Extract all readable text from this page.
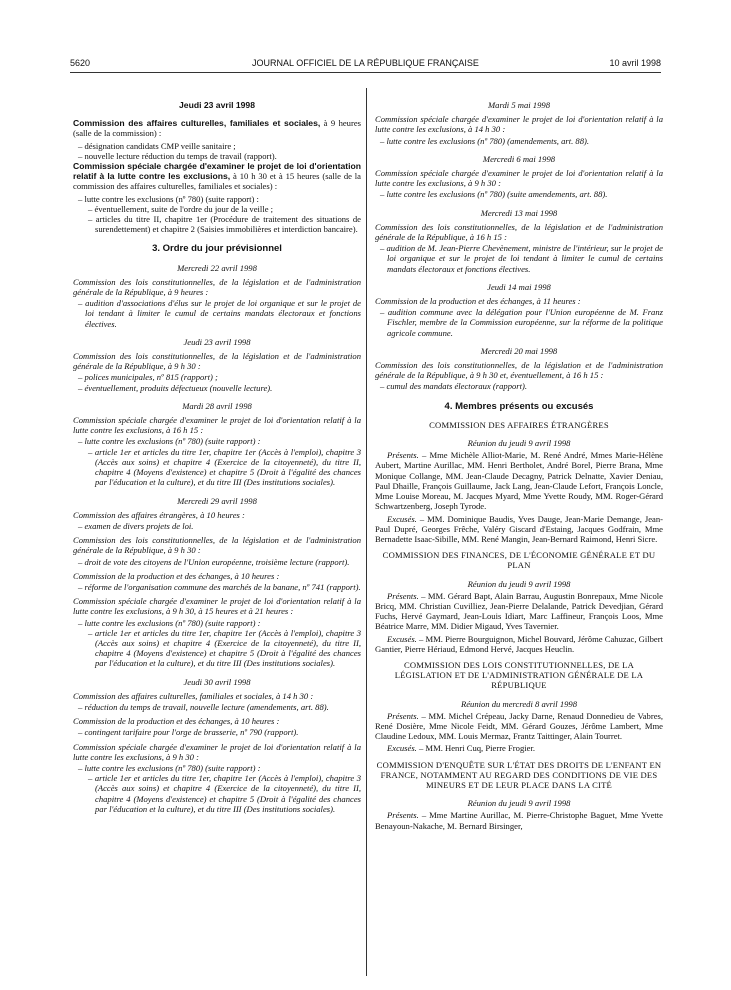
5620	JOURNAL OFFICIEL DE LA RÉPUBLIQUE FRANÇAISE	10 avril 1998
Jeudi 23 avril 1998

Commission des affaires culturelles, familiales et sociales, à 9 heures (salle de la commission) :

– désignation candidats CMP veille sanitaire ;

– nouvelle lecture réduction du temps de travail (rapport).

Commission spéciale chargée d'examiner le projet de loi d'orientation relatif à la lutte contre les exclusions, à 10 h 30 et à 15 heures (salle de la commission des affaires culturelles, familiales et sociales) :

– lutte contre les exclusions (nº 780) (suite rapport) :

– éventuellement, suite de l'ordre du jour de la veille ;

– articles du titre II, chapitre 1er (Procédure de traitement des situations de surendettement) et chapitre 2 (Saisies immobilières et interdiction bancaire).

3. Ordre du jour prévisionnel
Mercredi 22 avril 1998

Commission des lois constitutionnelles, de la législation et de l'administration générale de la République, à 9 heures :

– audition d'associations d'élus sur le projet de loi organique et sur le projet de loi tendant à limiter le cumul de certains mandats électoraux et fonctions électives.

Jeudi 23 avril 1998

Commission des lois constitutionnelles, de la législation et de l'administration générale de la République, à 9 h 30 :

– polices municipales, nº 815 (rapport) ;

– éventuellement, produits défectueux (nouvelle lecture).

Mardi 28 avril 1998

Commission spéciale chargée d'examiner le projet de loi d'orientation relatif à la lutte contre les exclusions, à 16 h 15 :

– lutte contre les exclusions (nº 780) (suite rapport) :

– article 1er et articles du titre 1er, chapitre 1er (Accès à l'emploi), chapitre 3 (Accès aux soins) et chapitre 4 (Exercice de la citoyenneté), du titre II, chapitre 4 (Moyens d'existence) et chapitre 5 (Droit à l'égalité des chances par l'éducation et la culture), et du titre III (Des institutions sociales).

Mercredi 29 avril 1998

Commission des affaires étrangères, à 10 heures :

– examen de divers projets de loi.

Commission des lois constitutionnelles, de la législation et de l'administration générale de la République, à 9 h 30 :

– droit de vote des citoyens de l'Union européenne, troisième lecture (rapport).

Commission de la production et des échanges, à 10 heures :

– réforme de l'organisation commune des marchés de la banane, nº 741 (rapport).

Commission spéciale chargée d'examiner le projet de loi d'orientation relatif à la lutte contre les exclusions, à 9 h 30, à 15 heures et à 21 heures :

– lutte contre les exclusions (nº 780) (suite rapport) :

– article 1er et articles du titre 1er, chapitre 1er (Accès à l'emploi), chapitre 3 (Accès aux soins) et chapitre 4 (Exercice de la citoyenneté), du titre II, chapitre 4 (Moyens d'existence) et chapitre 5 (Droit à l'égalité des chances par l'éducation et la culture), et du titre III (Des institutions sociales).

Jeudi 30 avril 1998

Commission des affaires culturelles, familiales et sociales, à 14 h 30 :

– réduction du temps de travail, nouvelle lecture (amendements, art. 88).

Commission de la production et des échanges, à 10 heures :

– contingent tarifaire pour l'orge de brasserie, nº 790 (rapport).

Commission spéciale chargée d'examiner le projet de loi d'orientation relatif à la lutte contre les exclusions, à 9 h 30 :

– lutte contre les exclusions (nº 780) (suite rapport) :

– article 1er et articles du titre 1er, chapitre 1er (Accès à l'emploi), chapitre 3 (Accès aux soins) et chapitre 4 (Exercice de la citoyenneté), du titre II, chapitre 4 (Moyens d'existence) et chapitre 5 (Droit à l'égalité des chances par l'éducation et la culture), et du titre III (Des institutions sociales).

Mardi 5 mai 1998

Commission spéciale chargée d'examiner le projet de loi d'orientation relatif à la lutte contre les exclusions, à 14 h 30 :

– lutte contre les exclusions (nº 780) (amendements, art. 88).

Mercredi 6 mai 1998

Commission spéciale chargée d'examiner le projet de loi d'orientation relatif à la lutte contre les exclusions, à 9 h 30 :

– lutte contre les exclusions (nº 780) (suite amendements, art. 88).

Mercredi 13 mai 1998

Commission des lois constitutionnelles, de la législation et de l'administration générale de la République, à 16 h 15 :

– audition de M. Jean-Pierre Chevènement, ministre de l'intérieur, sur le projet de loi organique et sur le projet de loi tendant à limiter le cumul de certains mandats électoraux et fonctions électives.

Jeudi 14 mai 1998

Commission de la production et des échanges, à 11 heures :

– audition commune avec la délégation pour l'Union européenne de M. Franz Fischler, membre de la Commission européenne, sur la réforme de la politique agricole commune.

Mercredi 20 mai 1998

Commission des lois constitutionnelles, de la législation et de l'administration générale de la République, à 9 h 30 et, éventuellement, à 16 h 15 :

– cumul des mandats électoraux (rapport).

4. Membres présents ou excusés
COMMISSION DES AFFAIRES ÉTRANGÈRES
Réunion du jeudi 9 avril 1998

Présents. – Mme Michèle Alliot-Marie, M. René André, Mmes Marie-Hélène Aubert, Martine Aurillac, MM. Henri Bertholet, André Borel, Pierre Brana, Mme Monique Collange, MM. Jean-Claude Decagny, Patrick Delnatte, Xavier Deniau, Paul Dhaille, François Guillaume, Jack Lang, Jean-Claude Lefort, François Loncle, Mme Louise Moreau, M. Jacques Myard, Mme Yvette Roudy, MM. Roger-Gérard Schwartzenberg, Joseph Tyrode.

Excusés. – MM. Dominique Baudis, Yves Dauge, Jean-Marie Demange, Jean-Paul Dupré, Georges Frêche, Valéry Giscard d'Estaing, Jacques Godfrain, Mme Bernadette Isaac-Sibille, MM. René Mangin, Jean-Bernard Raimond, Henri Sicre.

COMMISSION DES FINANCES, DE L'ÉCONOMIE GÉNÉRALE ET DU PLAN
Réunion du jeudi 9 avril 1998

Présents. – MM. Gérard Bapt, Alain Barrau, Augustin Bonrepaux, Mme Nicole Bricq, MM. Christian Cuvilliez, Jean-Pierre Delalande, Patrick Devedjian, Gérard Fuchs, Hervé Gaymard, Jean-Louis Idiart, Marc Laffineur, François Loos, Mme Béatrice Marre, MM. Didier Migaud, Yves Tavernier.

Excusés. – MM. Pierre Bourguignon, Michel Bouvard, Jérôme Cahuzac, Gilbert Gantier, Pierre Hériaud, Edmond Hervé, Jacques Heuclin.

COMMISSION DES LOIS CONSTITUTIONNELLES, DE LA LÉGISLATION ET DE L'ADMINISTRATION GÉNÉRALE DE LA RÉPUBLIQUE
Réunion du mercredi 8 avril 1998

Présents. – MM. Michel Crépeau, Jacky Darne, Renaud Donnedieu de Vabres, René Dosière, Mme Nicole Feidt, MM. Gérard Gouzes, Jérôme Lambert, Mme Claudine Ledoux, MM. Louis Mermaz, Frantz Taittinger, Alain Tourret.

Excusés. – MM. Henri Cuq, Pierre Frogier.

COMMISSION D'ENQUÊTE SUR L'ÉTAT DES DROITS DE L'ENFANT EN FRANCE, NOTAMMENT AU REGARD DES CONDITIONS DE VIE DES MINEURS ET DE LEUR PLACE DANS LA CITÉ
Réunion du jeudi 9 avril 1998

Présents. – Mme Martine Aurillac, M. Pierre-Christophe Baguet, Mme Yvette Benayoun-Nakache, M. Bernard Birsinger,
